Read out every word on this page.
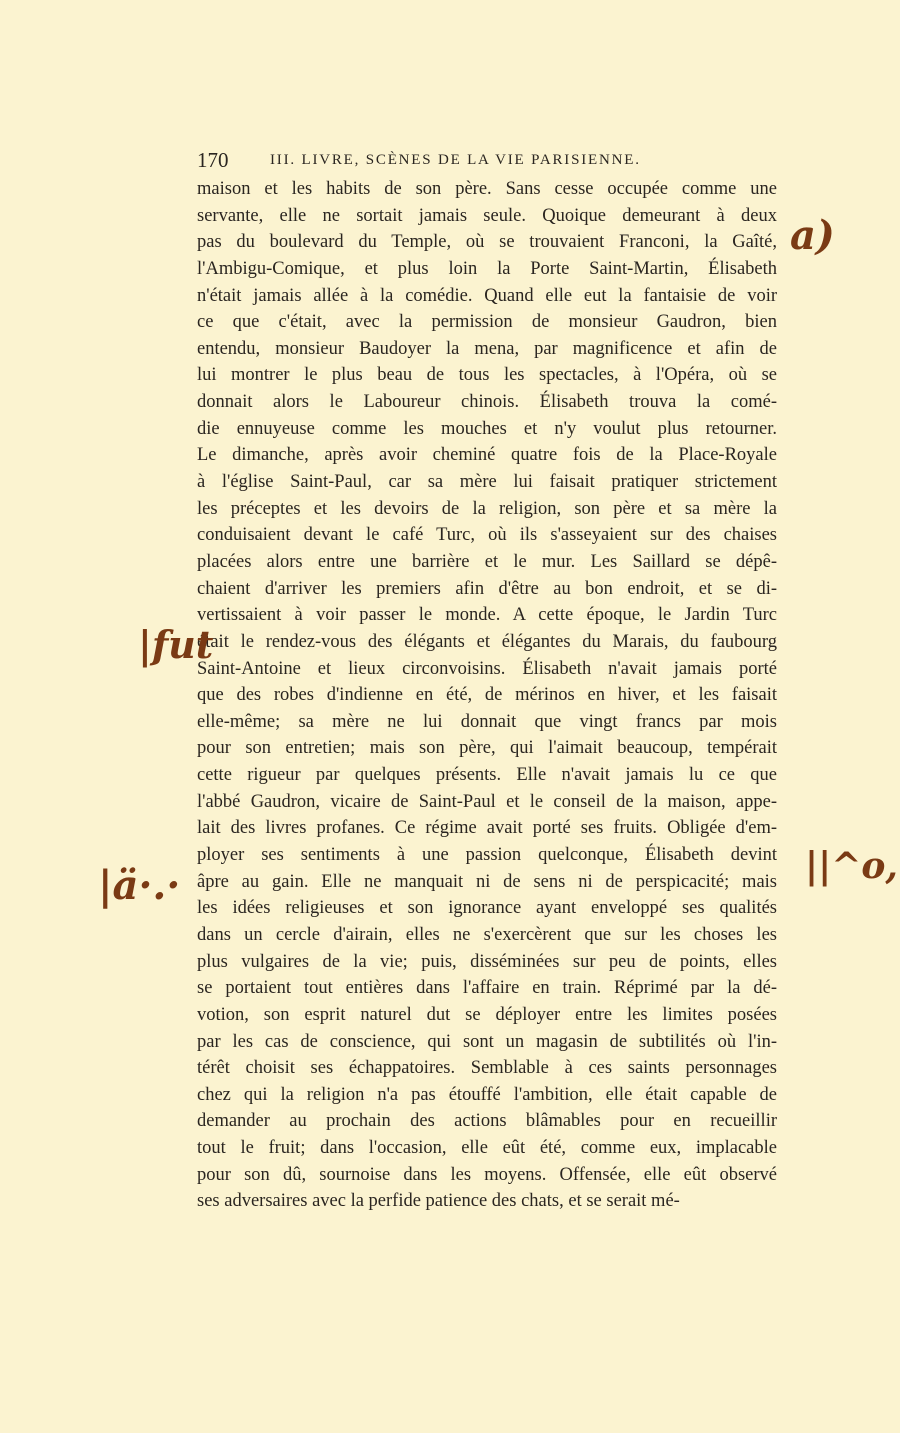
170	III. LIVRE, SCÈNES DE LA VIE PARISIENNE.
maison et les habits de son père. Sans cesse occupée comme une
servante, elle ne sortait jamais seule. Quoique demeurant à deux
pas du boulevard du Temple, où se trouvaient Franconi, la Gaîté,
l'Ambigu-Comique, et plus loin la Porte Saint-Martin, Élisabeth
n'était jamais allée à la comédie. Quand elle eut la fantaisie de voir
ce que c'était, avec la permission de monsieur Gaudron, bien
entendu, monsieur Baudoyer la mena, par magnificence et afin de
lui montrer le plus beau de tous les spectacles, à l'Opéra, où se
donnait alors le Laboureur chinois. Élisabeth trouva la comé-
die ennuyeuse comme les mouches et n'y voulut plus retourner.
Le dimanche, après avoir cheminé quatre fois de la Place-Royale
à l'église Saint-Paul, car sa mère lui faisait pratiquer strictement
les préceptes et les devoirs de la religion, son père et sa mère la
conduisaient devant le café Turc, où ils s'asseyaient sur des chaises
placées alors entre une barrière et le mur. Les Saillard se dépê-
chaient d'arriver les premiers afin d'être au bon endroit, et se di-
vertissaient à voir passer le monde. A cette époque, le Jardin Turc
était le rendez-vous des élégants et élégantes du Marais, du faubourg
Saint-Antoine et lieux circonvoisins. Élisabeth n'avait jamais porté
que des robes d'indienne en été, de mérinos en hiver, et les faisait
elle-même; sa mère ne lui donnait que vingt francs par mois
pour son entretien; mais son père, qui l'aimait beaucoup, tempérait
cette rigueur par quelques présents. Elle n'avait jamais lu ce que
l'abbé Gaudron, vicaire de Saint-Paul et le conseil de la maison, appe-
lait des livres profanes. Ce régime avait porté ses fruits. Obligée d'em-
ployer ses sentiments à une passion quelconque, Élisabeth devint
âpre au gain. Elle ne manquait ni de sens ni de perspicacité; mais
les idées religieuses et son ignorance ayant enveloppé ses qualités
dans un cercle d'airain, elles ne s'exercèrent que sur les choses les
plus vulgaires de la vie; puis, disséminées sur peu de points, elles
se portaient tout entières dans l'affaire en train. Réprimé par la dé-
votion, son esprit naturel dut se déployer entre les limites posées
par les cas de conscience, qui sont un magasin de subtilités où l'in-
térêt choisit ses échappatoires. Semblable à ces saints personnages
chez qui la religion n'a pas étouffé l'ambition, elle était capable de
demander au prochain des actions blâmables pour en recueillir
tout le fruit; dans l'occasion, elle eût été, comme eux, implacable
pour son dû, sournoise dans les moyens. Offensée, elle eût observé
ses adversaires avec la perfide patience des chats, et se serait mé-
a)
|fut
|ä·.·	||^o,
